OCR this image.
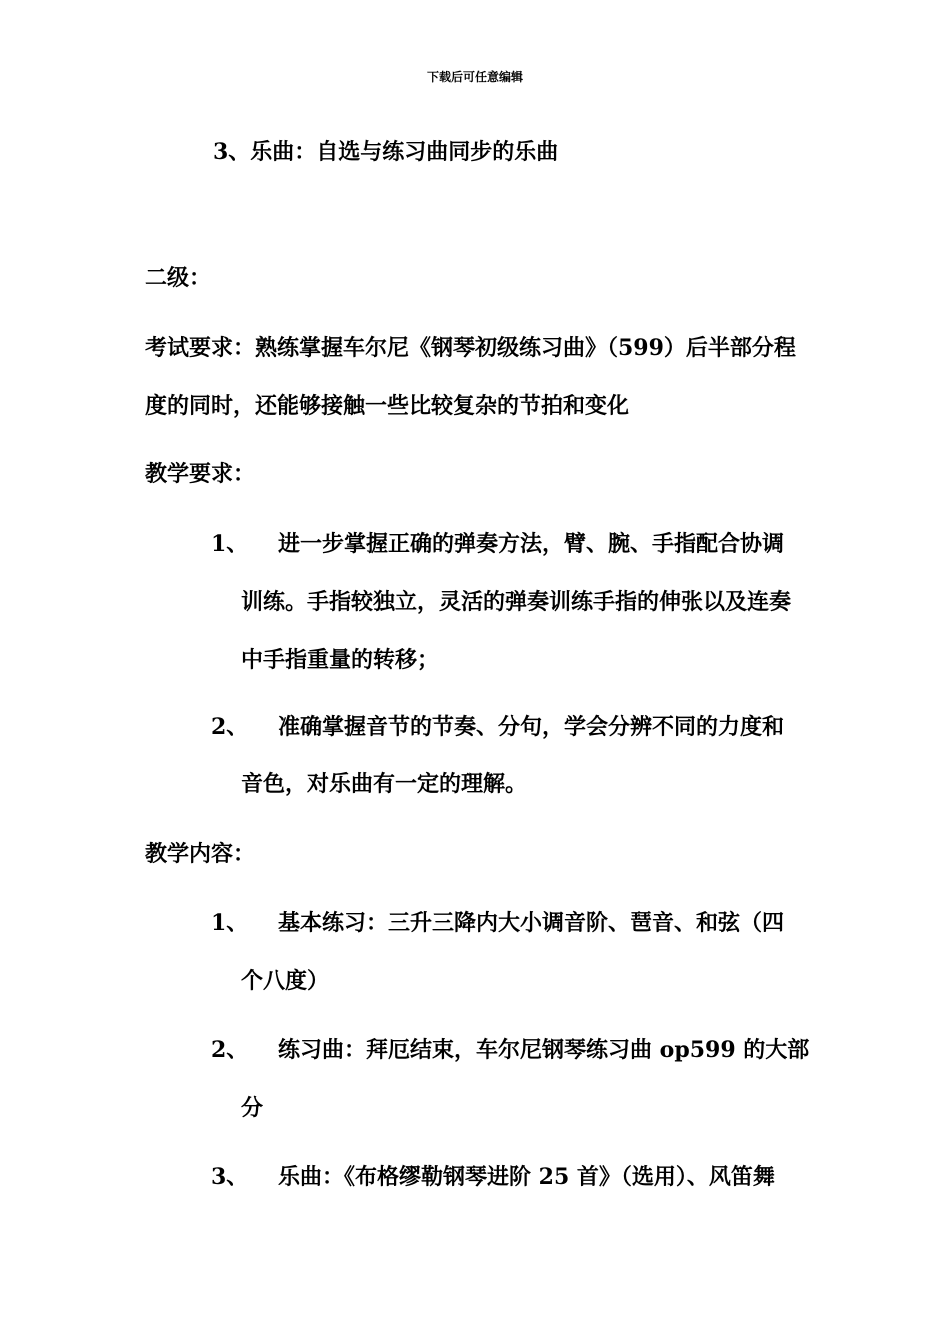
下载后可任意编辑
3、乐曲：自选与练习曲同步的乐曲
二级：
考试要求：熟练掌握车尔尼《钢琴初级练习曲》（599）后半部分程
度的同时，还能够接触一些比较复杂的节拍和变化
教学要求：
1、 进一步掌握正确的弹奏方法，臂、腕、手指配合协调
训练。手指较独立，灵活的弹奏训练手指的伸张以及连奏
中手指重量的转移；
2、 准确掌握音节的节奏、分句，学会分辨不同的力度和
音色，对乐曲有一定的理解。
教学内容：
1、 基本练习：三升三降内大小调音阶、琶音、和弦（四
个八度）
2、 练习曲：拜厄结束，车尔尼钢琴练习曲 op599 的大部
分
3、 乐曲：《布格缪勒钢琴进阶 25 首》（选用）、风笛舞
